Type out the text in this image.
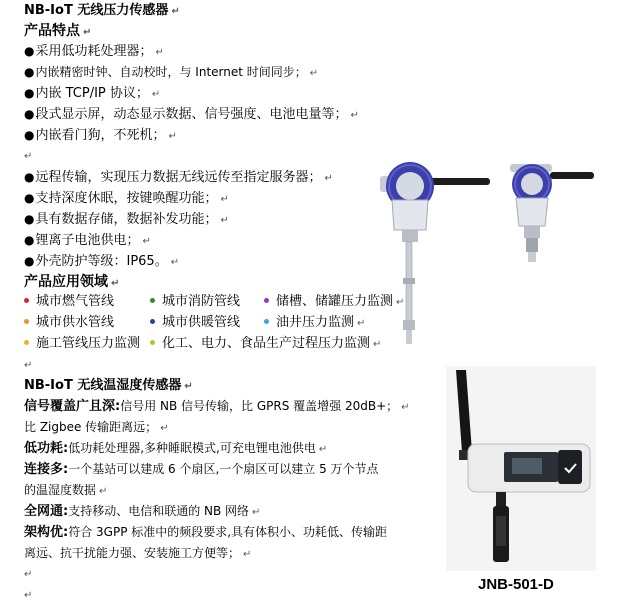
NB-IoT 无线压力传感器 ↵
产品特点 ↵
●采用低功耗处理器； ↵
●内嵌精密时钟、自动校时，与 Internet 时间同步； ↵
●内嵌 TCP/IP 协议； ↵
●段式显示屏，动态显示数据、信号强度、电池电量等； ↵
●内嵌看门狗，不死机； ↵
↵
●远程传输，实现压力数据无线远传至指定服务器； ↵
●支持深度休眠，按键唤醒功能； ↵
●具有数据存储，数据补发功能； ↵
●锂离子电池供电； ↵
●外壳防护等级：IP65。 ↵
产品应用领域 ↵
城市燃气管线	城市消防管线	储槽、储罐压力监测 ↵
城市供水管线	城市供暖管线	油井压力监测 ↵
施工管线压力监测	化工、电力、食品生产过程压力监测 ↵
↵
NB-IoT 无线温湿度传感器 ↵
信号覆盖广且深:信号用 NB 信号传输，比 GPRS 覆盖增强 20dB+； ↵
比 Zigbee 传输距离远； ↵
低功耗:低功耗处理器,多种睡眠模式,可充电锂电池供电 ↵
连接多:一个基站可以建成 6 个扇区,一个扇区可以建立 5 万个节点
的温湿度数据 ↵
全网通:支持移动、电信和联通的 NB 网络 ↵
架构优:符合 3GPP 标准中的频段要求,具有体积小、功耗低、传输距
离远、抗干扰能力强、安装施工方便等； ↵
↵
↵
JNB-501-D
